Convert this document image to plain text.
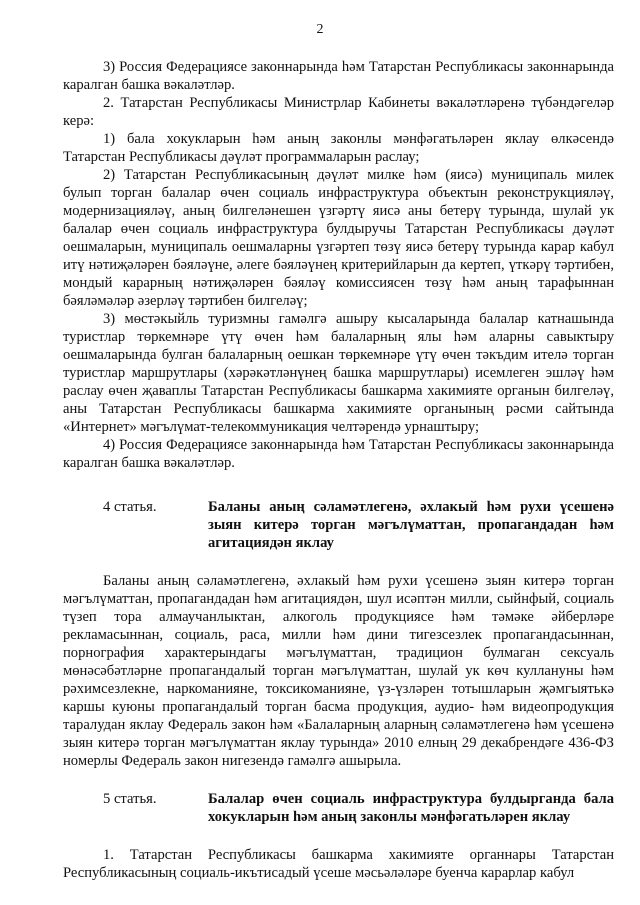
2

3) Россия Федерациясе законнарында һәм Татарстан Республикасы законнарында каралган башка вәкаләтләр.

2. Татарстан Республикасы Министрлар Кабинеты вәкаләтләренә түбәндәгеләр керә:

1) бала хокукларын һәм аның законлы мәнфәгатьләрен яклау өлкәсендә Татарстан Республикасы дәүләт программаларын раслау;

2) Татарстан Республикасының дәүләт милке һәм (яисә) муниципаль милек булып торган балалар өчен социаль инфраструктура объектын реконструкцияләү, модернизацияләү, аның билгеләнешен үзгәртү яисә аны бетерү турында, шулай ук балалар өчен социаль инфраструктура булдыручы Татарстан Республикасы дәүләт оешмаларын, муниципаль оешмаларны үзгәртеп төзү яисә бетерү турында карар кабул итү нәтиҗәләрен бәяләүне, әлеге бәяләүнең критерийларын да кертеп, үткәрү тәртибен, мондый карарның нәтиҗәләрен бәяләү комиссиясен төзү һәм аның тарафыннан бәяләмәләр әзерләү тәртибен билгеләү;

3) мөстәкыйль туризмны гамәлгә ашыру кысаларында балалар катнашында туристлар төркемнәре үтү өчен һәм балаларның ялы һәм аларны савыктыру оешмаларында булган балаларның оешкан төркемнәре үтү өчен тәкъдим ителә торган туристлар маршрутлары (хәрәкәтләнүнең башка маршрутлары) исемлеген эшләү һәм раслау өчен җаваплы Татарстан Республикасы башкарма хакимияте органын билгеләү, аны Татарстан Республикасы башкарма хакимияте органының рәсми сайтында «Интернет» мәгълүмат-телекоммуникация челтәрендә урнаштыру;

4) Россия Федерациясе законнарында һәм Татарстан Республикасы законнарында каралган башка вәкаләтләр.

4 статья.	Баланы аның сәламәтлегенә, әхлакый һәм рухи үсешенә зыян китерә торган мәгълүматтан, пропагандадан һәм агитациядән яклау

Баланы аның сәламәтлегенә, әхлакый һәм рухи үсешенә зыян китерә торган мәгълүматтан, пропагандадан һәм агитациядән, шул исәптән милли, сыйнфый, социаль түзеп тора алмаучанлыктан, алкоголь продукциясе һәм тәмәке әйберләре рекламасыннан, социаль, раса, милли һәм дини тигезсезлек пропагандасыннан, порнография характерындагы мәгълүматтан, традицион булмаган сексуаль мөнәсәбәтләрне пропагандалый торган мәгълүматтан, шулай ук көч куллануны һәм рәхимсезлекне, наркоманияне, токсикоманияне, үз-үзләрен тотышларын җәмгыятькә каршы куюны пропагандалый торган басма продукция, аудио- һәм видеопродукция таралудан яклау Федераль закон һәм «Балаларның аларның сәламәтлегенә һәм үсешенә зыян китерә торган мәгълүматтан яклау турында» 2010 елның 29 декабрендәге 436-ФЗ номерлы Федераль закон нигезендә гамәлгә ашырыла.

5 статья.	Балалар өчен социаль инфраструктура булдырганда бала хокукларын һәм аның законлы мәнфәгатьләрен яклау

1. Татарстан Республикасы башкарма хакимияте органнары Татарстан Республикасының социаль-икътисадый үсеше мәсьәләләре буенча карарлар кабул
